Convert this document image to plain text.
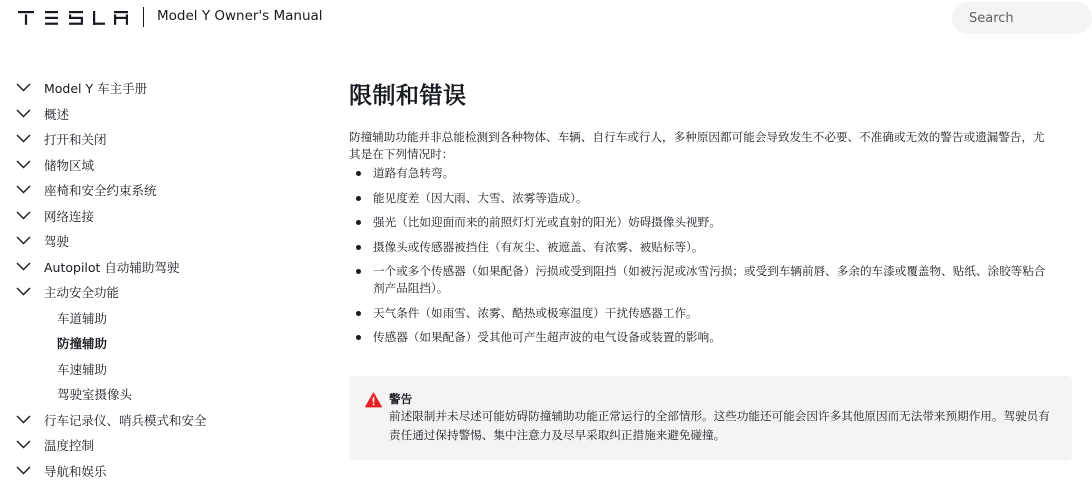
Model Y Owner's Manual
Search
Model Y 车主手册
概述
打开和关闭
储物区域
座椅和安全约束系统
网络连接
驾驶
Autopilot 自动辅助驾驶
主动安全功能
车道辅助
防撞辅助
车速辅助
驾驶室摄像头
行车记录仪、哨兵模式和安全
温度控制
导航和娱乐
限制和错误

防撞辅助功能并非总能检测到各种物体、车辆、自行车或行人，多种原因都可能会导致发生不必要、不准确或无效的警告或遗漏警告，尤其是在下列情况时：

道路有急转弯。
能见度差（因大雨、大雪、浓雾等造成）。
强光（比如迎面而来的前照灯灯光或直射的阳光）妨碍摄像头视野。
摄像头或传感器被挡住（有灰尘、被遮盖、有浓雾、被贴标等）。
一个或多个传感器（如果配备）污损或受到阻挡（如被污泥或冰雪污损；或受到车辆前唇、多余的车漆或覆盖物、贴纸、涂胶等粘合剂产品阻挡）。
天气条件（如雨雪、浓雾、酷热或极寒温度）干扰传感器工作。
传感器（如果配备）受其他可产生超声波的电气设备或装置的影响。
警告
前述限制并未尽述可能妨碍防撞辅助功能正常运行的全部情形。这些功能还可能会因许多其他原因而无法带来预期作用。驾驶员有责任通过保持警惕、集中注意力及尽早采取纠正措施来避免碰撞。
